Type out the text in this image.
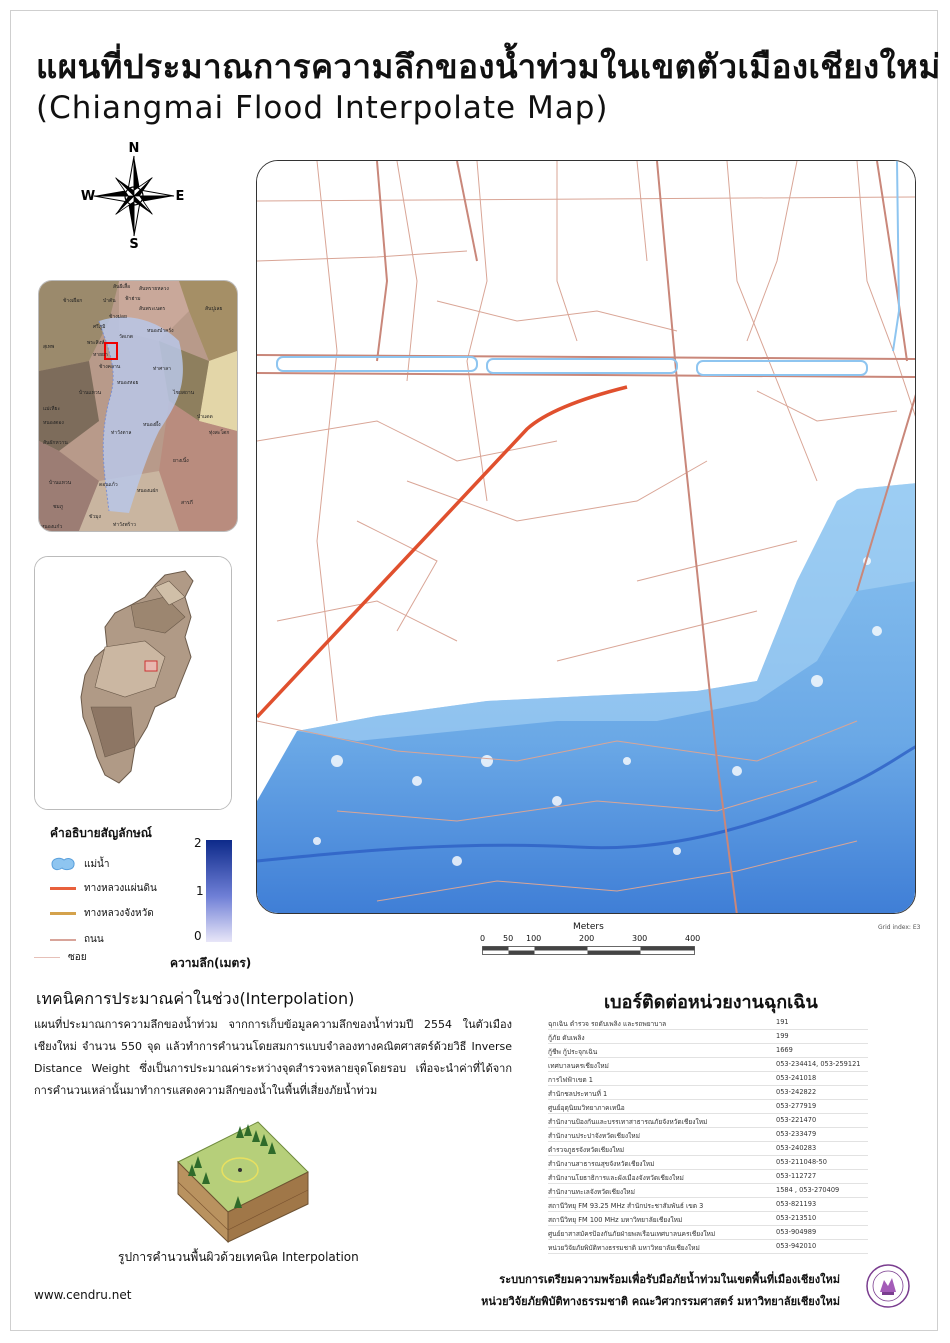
แผนที่ประมาณการความลึกของน้ำท่วมในเขตตัวเมืองเชียงใหม่
(Chiangmai Flood Interpolate Map)
N
S
E
W
สันทรายหลวง
สันผีเสื้อ
ฟ้าฮ่าม
ช้างเผือก	ป่าตัน
สันพระเนตร	สันปูเลย
ศรีภูมิ
ช้างม่อย
วัดเกต
หนองป่าครั่ง
สุเทพ
พระสิงห์
หายยา
ช้างคลาน	ท่าศาลา
หนองหอย
บ้านแหวน	ไชยสถาน
แม่เหียะ
หนองตอง	หนองผึ้ง
ป่าแดด
ท่าวังตาล
สันผักหวาน
ยางเนิ้ง
บ้านแหวน
หนองแฝก
ดอนแก้ว
สารภี
ชมภู
ขัวมุง
ท่าวังพร้าว
หนองแก๋ว
ทุ่งสะโตก
คำอธิบายสัญลักษณ์
แม่น้ำ
ทางหลวงแผ่นดิน
ทางหลวงจังหวัด
ถนน
ซอย
2
1
0
ความลึก(เมตร)
Meters
0 50 100	200	300	400
Grid index: E3
เทคนิคการประมาณค่าในช่วง(Interpolation)
แผนที่ประมาณการความลึกของน้ำท่วม จากการเก็บข้อมูลความลึกของน้ำท่วมปี 2554 ในตัวเมืองเชียงใหม่ จำนวน 550 จุด แล้วทำการคำนวนโดยสมการแบบจำลองทางคณิตศาสตร์ด้วยวิธี Inverse Distance Weight ซึ่งเป็นการประมาณค่าระหว่างจุดสำรวจหลายจุดโดยรอบ เพื่อจะนำค่าที่ได้จากการคำนวนเหล่านั้นมาทำการแสดงความลึกของน้ำในพื้นที่เสี่ยงภัยน้ำท่วม
รูปการคำนวนพื้นผิวด้วยเทคนิค Interpolation
www.cendru.net
เบอร์ติดต่อหน่วยงานฉุกเฉิน
ฉุกเฉิน ตำรวจ รถดับเพลิง และรถพยาบาล	191
กู้ภัย ดับเพลิง	199
กู้ชีพ กู้ประจุกเฉิน	1669
เทศบาลนครเชียงใหม่	053-234414, 053-259121
การไฟฟ้าเขต 1	053-241018
สำนักชลประทานที่ 1	053-242822
ศูนย์อุตุนิยมวิทยาภาคเหนือ	053-277919
สำนักงานป้องกันและบรรเทาสาธารณภัยจังหวัดเชียงใหม่	053-221470
สำนักงานประปาจังหวัดเชียงใหม่	053-233479
ตำรวจภูธรจังหวัดเชียงใหม่	053-240283
สำนักงานสาธารณสุขจังหวัดเชียงใหม่	053-211048-50
สำนักงานโยธาธิการและผังเมืองจังหวัดเชียงใหม่	053-112727
สำนักงานทะเลจังหวัดเชียงใหม่	1584 , 053-270409
สถานีวิทยุ FM 93.25 MHz สำนักประชาสัมพันธ์ เขต 3	053-821193
สถานีวิทยุ FM 100 MHz มหาวิทยาลัยเชียงใหม่	053-213510
ศูนย์ยาสาสมัครป้องกันภัยฝ่ายพลเรือนเทศบาลนครเชียงใหม่	053-904989
หน่วยวิจัยภัยพิบัติทางธรรมชาติ มหาวิทยาลัยเชียงใหม่	053-942010
ระบบการเตรียมความพร้อมเพื่อรับมือภัยน้ำท่วมในเขตพื้นที่เมืองเชียงใหม่
หน่วยวิจัยภัยพิบัติทางธรรมชาติ คณะวิศวกรรมศาสตร์ มหาวิทยาลัยเชียงใหม่
